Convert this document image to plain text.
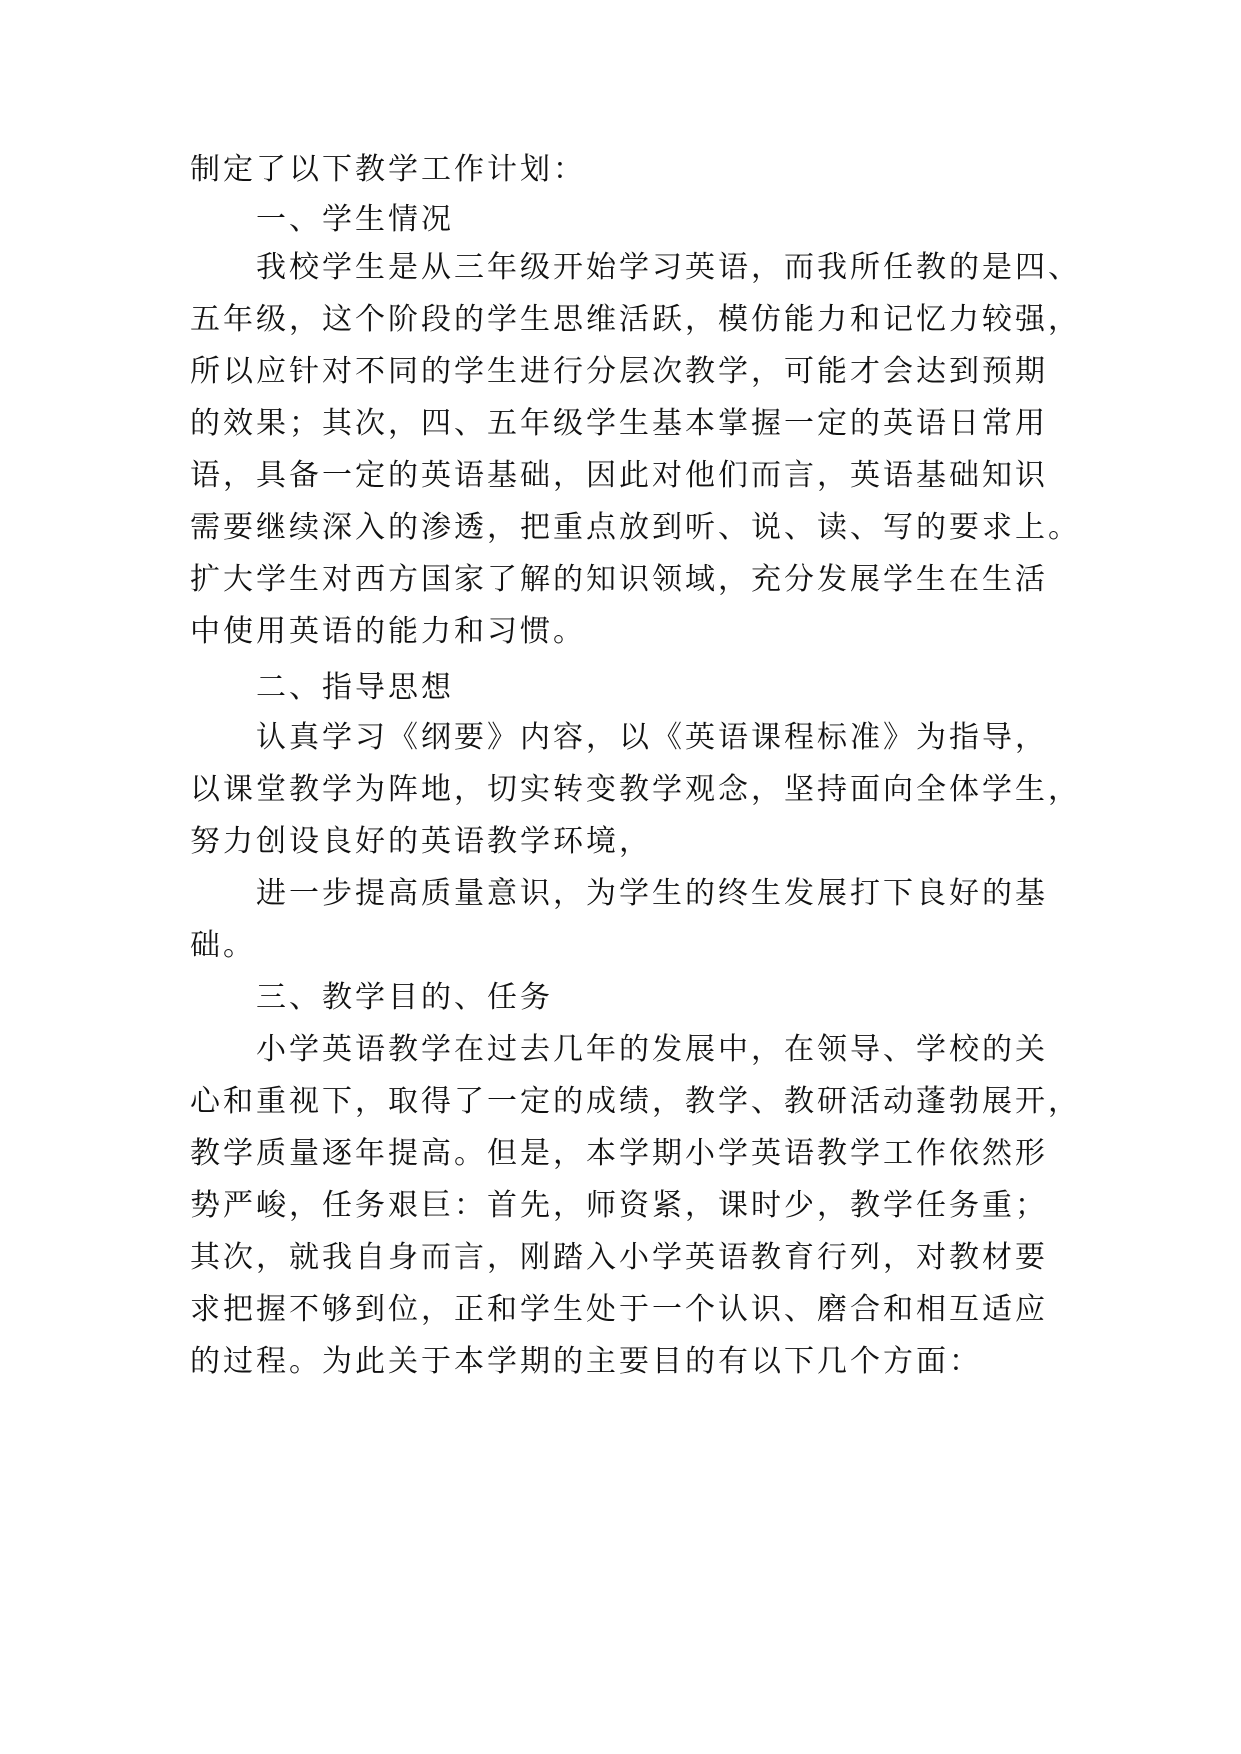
制定了以下教学工作计划：
一、学生情况
我校学生是从三年级开始学习英语，而我所任教的是四、
五年级，这个阶段的学生思维活跃，模仿能力和记忆力较强，
所以应针对不同的学生进行分层次教学，可能才会达到预期
的效果；其次，四、五年级学生基本掌握一定的英语日常用
语，具备一定的英语基础，因此对他们而言，英语基础知识
需要继续深入的渗透，把重点放到听、说、读、写的要求上。
扩大学生对西方国家了解的知识领域，充分发展学生在生活
中使用英语的能力和习惯。
二、指导思想
认真学习《纲要》内容，以《英语课程标准》为指导，
以课堂教学为阵地，切实转变教学观念，坚持面向全体学生，
努力创设良好的英语教学环境，
进一步提高质量意识，为学生的终生发展打下良好的基
础。
三、教学目的、任务
小学英语教学在过去几年的发展中，在领导、学校的关
心和重视下，取得了一定的成绩，教学、教研活动蓬勃展开，
教学质量逐年提高。但是，本学期小学英语教学工作依然形
势严峻，任务艰巨：首先，师资紧，课时少，教学任务重；
其次，就我自身而言，刚踏入小学英语教育行列，对教材要
求把握不够到位，正和学生处于一个认识、磨合和相互适应
的过程。为此关于本学期的主要目的有以下几个方面：
